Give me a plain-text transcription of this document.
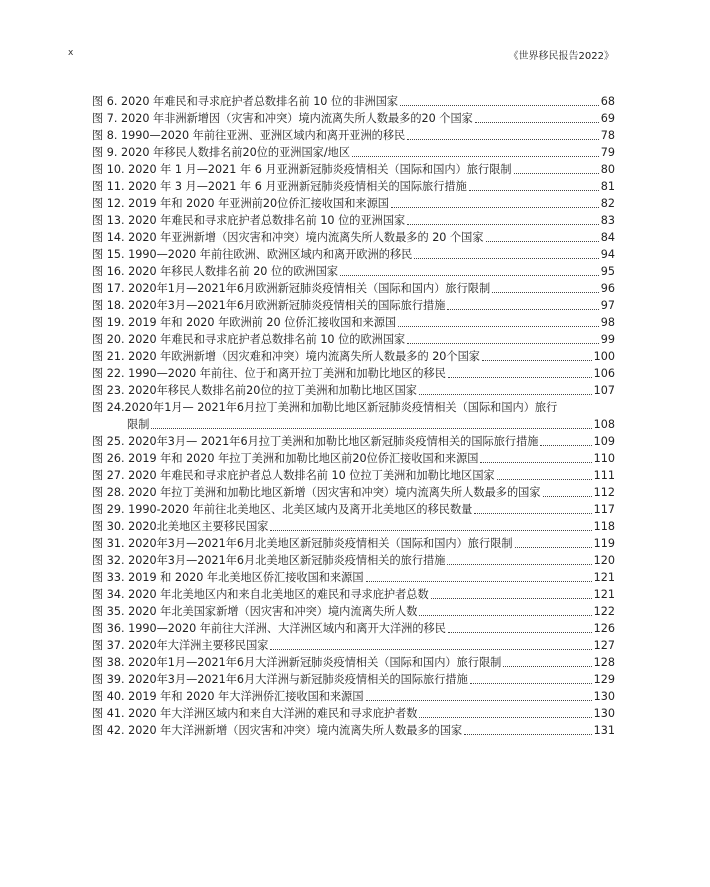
x	《世界移民报告2022》
图 6.
2020 年难民和寻求庇护者总数排名前 10 位的非洲国家	68
图 7.
2020 年非洲新增因（灾害和冲突）境内流离失所人数最多的20 个国家	69
图 8.
1990—2020 年前往亚洲、亚洲区域内和离开亚洲的移民	78
图 9.
2020 年移民人数排名前20位的亚洲国家/地区	79
图 10.
2020 年 1 月—2021 年 6 月亚洲新冠肺炎疫情相关（国际和国内）旅行限制	80
图 11.
2020 年 3 月—2021 年 6 月亚洲新冠肺炎疫情相关的国际旅行措施	81
图 12.
2019 年和 2020 年亚洲前20位侨汇接收国和来源国	82
图 13.
2020 年难民和寻求庇护者总数排名前 10 位的亚洲国家	83
图 14.
2020 年亚洲新增（因灾害和冲突）境内流离失所人数最多的 20 个国家	84
图 15.
1990—2020 年前往欧洲、欧洲区域内和离开欧洲的移民	94
图 16.
2020 年移民人数排名前 20 位的欧洲国家	95
图 17.
2020年1月—2021年6月欧洲新冠肺炎疫情相关（国际和国内）旅行限制	96
图 18.
2020年3月—2021年6月欧洲新冠肺炎疫情相关的国际旅行措施	97
图 19.
2019 年和 2020 年欧洲前 20 位侨汇接收国和来源国	98
图 20.
2020 年难民和寻求庇护者总数排名前 10 位的欧洲国家	99
图 21.
2020 年欧洲新增（因灾难和冲突）境内流离失所人数最多的 20个国家	100
图 22.
1990—2020 年前往、位于和离开拉丁美洲和加勒比地区的移民	106
图 23.
2020年移民人数排名前20位的拉丁美洲和加勒比地区国家	107
图 24. 2020年1月— 2021年6月拉丁美洲和加勒比地区新冠肺炎疫情相关（国际和国内）旅行
限制	108
图 25.
2020年3月— 2021年6月拉丁美洲和加勒比地区新冠肺炎疫情相关的国际旅行措施	109
图 26.
2019 年和 2020 年拉丁美洲和加勒比地区前20位侨汇接收国和来源国	110
图 27.
2020 年难民和寻求庇护者总人数排名前 10 位拉丁美洲和加勒比地区国家	111
图 28.
2020 年拉丁美洲和加勒比地区新增（因灾害和冲突）境内流离失所人数最多的国家	112
图 29.
1990-2020 年前往北美地区、北美区域内及离开北美地区的移民数量	117
图 30.
2020北美地区主要移民国家	118
图 31.
2020年3月—2021年6月北美地区新冠肺炎疫情相关（国际和国内）旅行限制	119
图 32.
2020年3月—2021年6月北美地区新冠肺炎疫情相关的旅行措施	120
图 33.
2019 和 2020 年北美地区侨汇接收国和来源国	121
图 34.
2020 年北美地区内和来自北美地区的难民和寻求庇护者总数	121
图 35.
2020 年北美国家新增（因灾害和冲突）境内流离失所人数	122
图 36.
1990—2020 年前往大洋洲、大洋洲区域内和离开大洋洲的移民	126
图 37.
2020年大洋洲主要移民国家	127
图 38.
2020年1月—2021年6月大洋洲新冠肺炎疫情相关（国际和国内）旅行限制	128
图 39.
2020年3月—2021年6月大洋洲与新冠肺炎疫情相关的国际旅行措施	129
图 40.
2019 年和 2020 年大洋洲侨汇接收国和来源国	130
图 41.
2020 年大洋洲区域内和来自大洋洲的难民和寻求庇护者数	130
图 42.
2020 年大洋洲新增（因灾害和冲突）境内流离失所人数最多的国家	131
